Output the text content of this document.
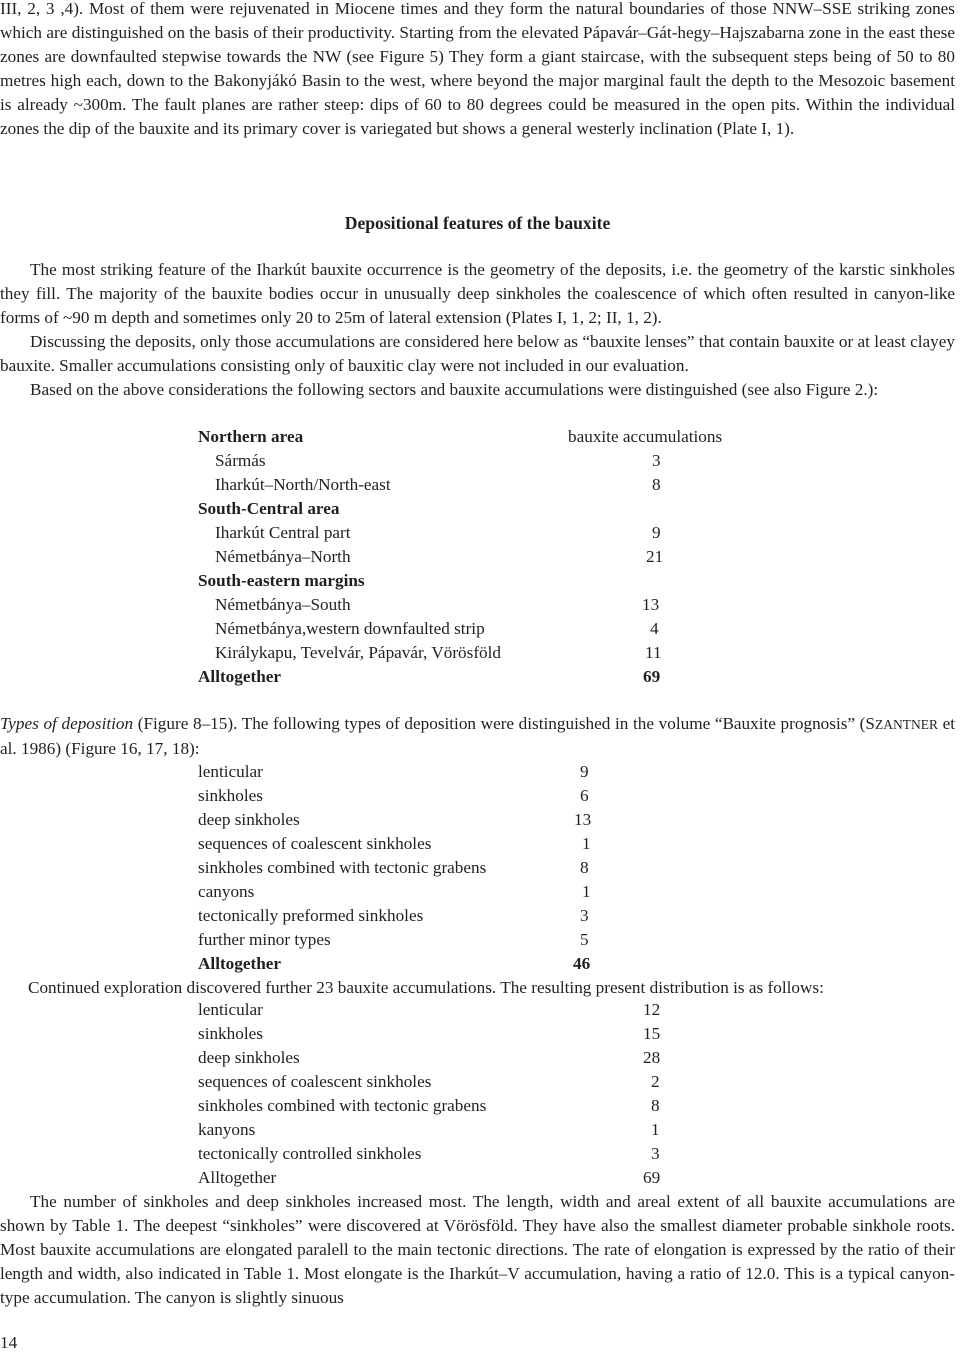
III, 2, 3 ,4). Most of them were rejuvenated in Miocene times and they form the natural boundaries of those NNW–SSE striking zones which are distinguished on the basis of their productivity. Starting from the elevated Pápavár–Gát-hegy–Hajszabarna zone in the east these zones are downfaulted stepwise towards the NW (see Figure 5) They form a giant staircase, with the subsequent steps being of 50 to 80 metres high each, down to the Bakonyjákó Basin to the west, where beyond the major marginal fault the depth to the Mesozoic basement is already ~300m. The fault planes are rather steep: dips of 60 to 80 degrees could be measured in the open pits. Within the individual zones the dip of the bauxite and its primary cover is variegated but shows a general westerly inclination (Plate I, 1).

Depositional features of the bauxite

The most striking feature of the Iharkút bauxite occurrence is the geometry of the deposits, i.e. the geometry of the karstic sinkholes they fill. The majority of the bauxite bodies occur in unusually deep sinkholes the coalescence of which often resulted in canyon-like forms of ~90 m depth and sometimes only 20 to 25m of lateral extension (Plates I, 1, 2; II, 1, 2).

Discussing the deposits, only those accumulations are considered here below as “bauxite lenses” that contain bauxite or at least clayey bauxite. Smaller accumulations consisting only of bauxitic clay were not included in our evaluation.

Based on the above considerations the following sectors and bauxite accumulations were distinguished (see also Figure 2.):

Northern area	bauxite accumulations
Sármás	3
Iharkút–North/North-east	8
South-Central area
Iharkút Central part	9
Németbánya–North	21
South-eastern margins
Németbánya–South	13
Németbánya,western downfaulted strip	4
Királykapu, Tevelvár, Pápavár, Vörösföld	11
Alltogether	69

Types of deposition (Figure 8–15). The following types of deposition were distinguished in the volume “Bauxite prognosis” (SZANTNER et al. 1986) (Figure 16, 17, 18):

lenticular	9
sinkholes	6
deep sinkholes	13
sequences of coalescent sinkholes	1
sinkholes combined with tectonic grabens	8
canyons	1
tectonically preformed sinkholes	3
further minor types	5
Alltogether	46

Continued exploration discovered further 23 bauxite accumulations. The resulting present distribution is as follows:

lenticular	12
sinkholes	15
deep sinkholes	28
sequences of coalescent sinkholes	2
sinkholes combined with tectonic grabens	8
kanyons	1
tectonically controlled sinkholes	3
Alltogether	69

The number of sinkholes and deep sinkholes increased most. The length, width and areal extent of all bauxite accumulations are shown by Table 1. The deepest “sinkholes” were discovered at Vörösföld. They have also the smallest diameter probable sinkhole roots. Most bauxite accumulations are elongated paralell to the main tectonic directions. The rate of elongation is expressed by the ratio of their length and width, also indicated in Table 1. Most elongate is the Iharkút–V accumulation, having a ratio of 12.0. This is a typical canyon-type accumulation. The canyon is slightly sinuous

14
